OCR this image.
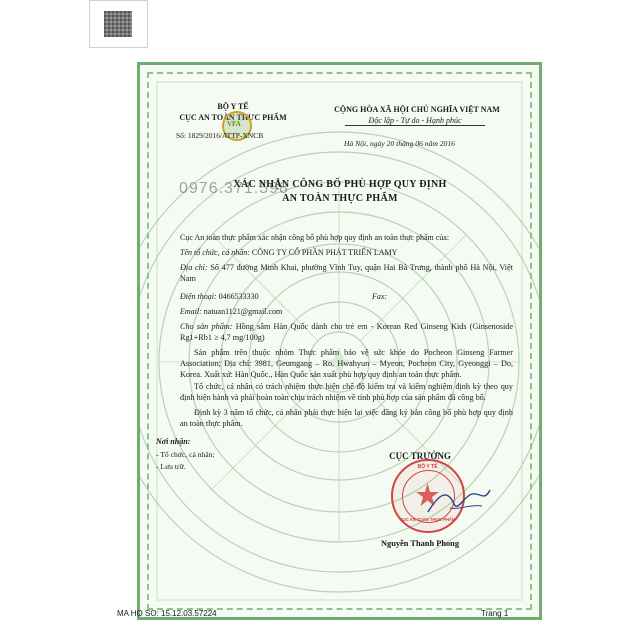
BỘ Y TẾ
CỤC AN TOÀN THỰC PHẨM
VFA
Số: 1829/2016/ATTP-XNCB
CỘNG HÒA XÃ HỘI CHỦ NGHĨA VIỆT NAM
Độc lập - Tự do - Hạnh phúc
Hà Nội, ngày 20 tháng 06 năm 2016
XÁC NHẬN CÔNG BỐ PHÙ HỢP QUY ĐỊNH
AN TOÀN THỰC PHẨM
0976.371.598
Cục An toàn thực phẩm xác nhận công bố phù hợp quy định an toàn thực phẩm của:
Tên tổ chức, cá nhân: CÔNG TY CỔ PHẦN PHÁT TRIỂN LAMY
Địa chỉ: Số 477 đường Minh Khai, phường Vĩnh Tuy, quận Hai Bà Trưng, thành phố Hà Nội, Việt Nam
Điện thoại: 0466533330	Fax:
Email: natuan1121@gmail.com
Cho sản phẩm: Hồng sâm Hàn Quốc dành cho trẻ em - Korean Red Ginseng Kids (Ginsenoside Rg1+Rb1 ≥ 4,7 mg/100g)
Sản phẩm trên thuộc nhóm Thực phẩm bảo vệ sức khỏe do Pocheon Ginseng Farmer Association; Địa chỉ: 3981, Geumgang – Ro, Hwahyun – Myeon, Pocheon City, Gyeonggi – Do, Korea. Xuất xứ: Hàn Quốc., Hàn Quốc sản xuất phù hợp quy định an toàn thực phẩm.
Tổ chức, cá nhân có trách nhiệm thực hiện chế độ kiểm tra và kiểm nghiệm định kỳ theo quy định hiện hành và phải hoàn toàn chịu trách nhiệm về tính phù hợp của sản phẩm đã công bố.
Định kỳ 3 năm tổ chức, cá nhân phải thực hiện lại việc đăng ký bản công bố phù hợp quy định an toàn thực phẩm.
Nơi nhận:
- Tổ chức, cá nhân;
- Lưu trữ.
CỤC TRƯỞNG
BỘ Y TẾ
CỤC AN TOÀN THỰC PHẨM
Nguyễn Thanh Phong
MA HO SO: 15.12.03.57224	Trang 1
